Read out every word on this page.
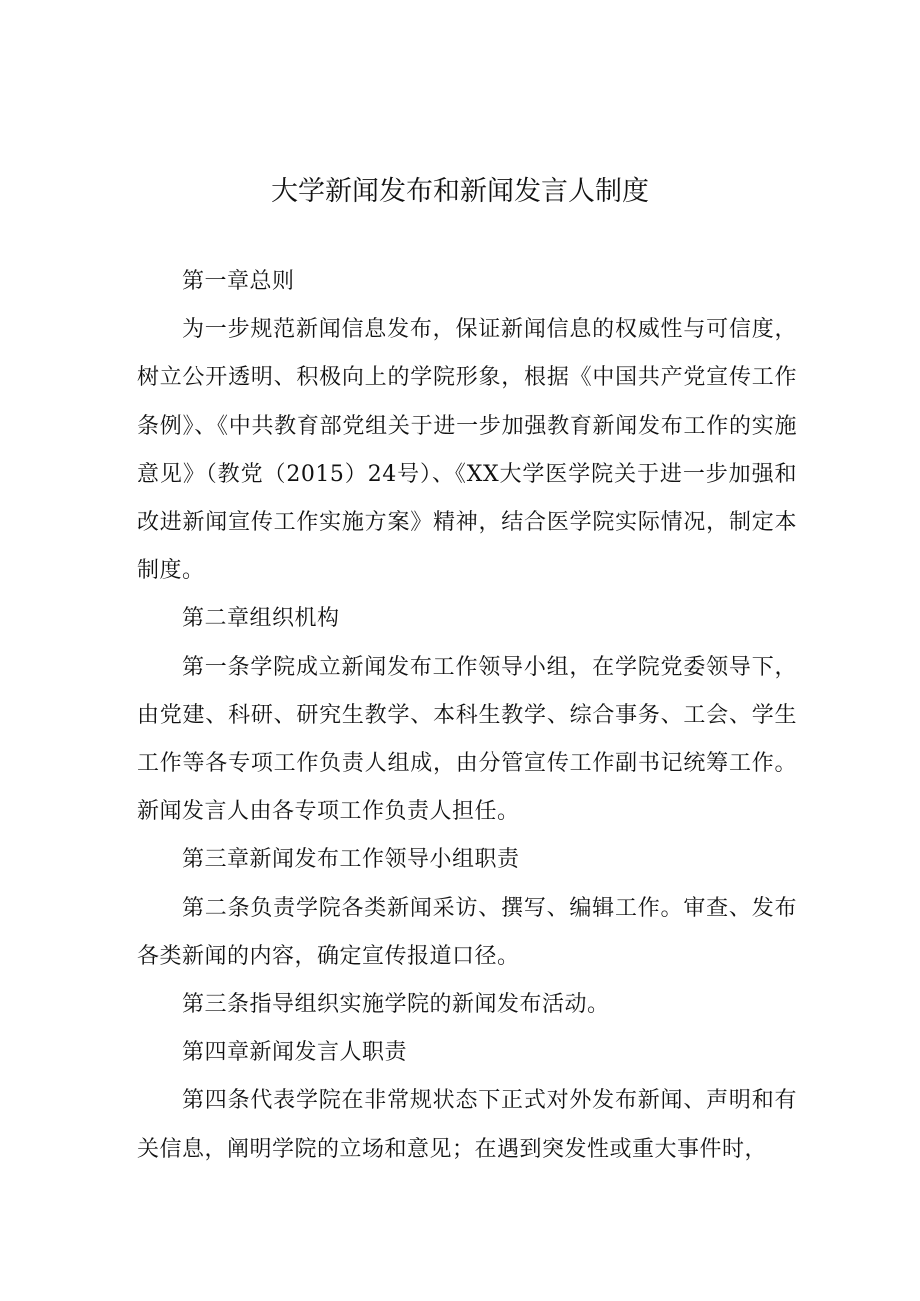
大学新闻发布和新闻发言人制度

第一章总则

为一步规范新闻信息发布，保证新闻信息的权威性与可信度，树立公开透明、积极向上的学院形象，根据《中国共产党宣传工作条例》、《中共教育部党组关于进一步加强教育新闻发布工作的实施意见》（教党（2015）24号）、《XX大学医学院关于进一步加强和改进新闻宣传工作实施方案》精神，结合医学院实际情况，制定本制度。

第二章组织机构

第一条学院成立新闻发布工作领导小组，在学院党委领导下，由党建、科研、研究生教学、本科生教学、综合事务、工会、学生工作等各专项工作负责人组成，由分管宣传工作副书记统筹工作。新闻发言人由各专项工作负责人担任。

第三章新闻发布工作领导小组职责

第二条负责学院各类新闻采访、撰写、编辑工作。审查、发布各类新闻的内容，确定宣传报道口径。

第三条指导组织实施学院的新闻发布活动。

第四章新闻发言人职责

第四条代表学院在非常规状态下正式对外发布新闻、声明和有关信息，阐明学院的立场和意见；在遇到突发性或重大事件时，
